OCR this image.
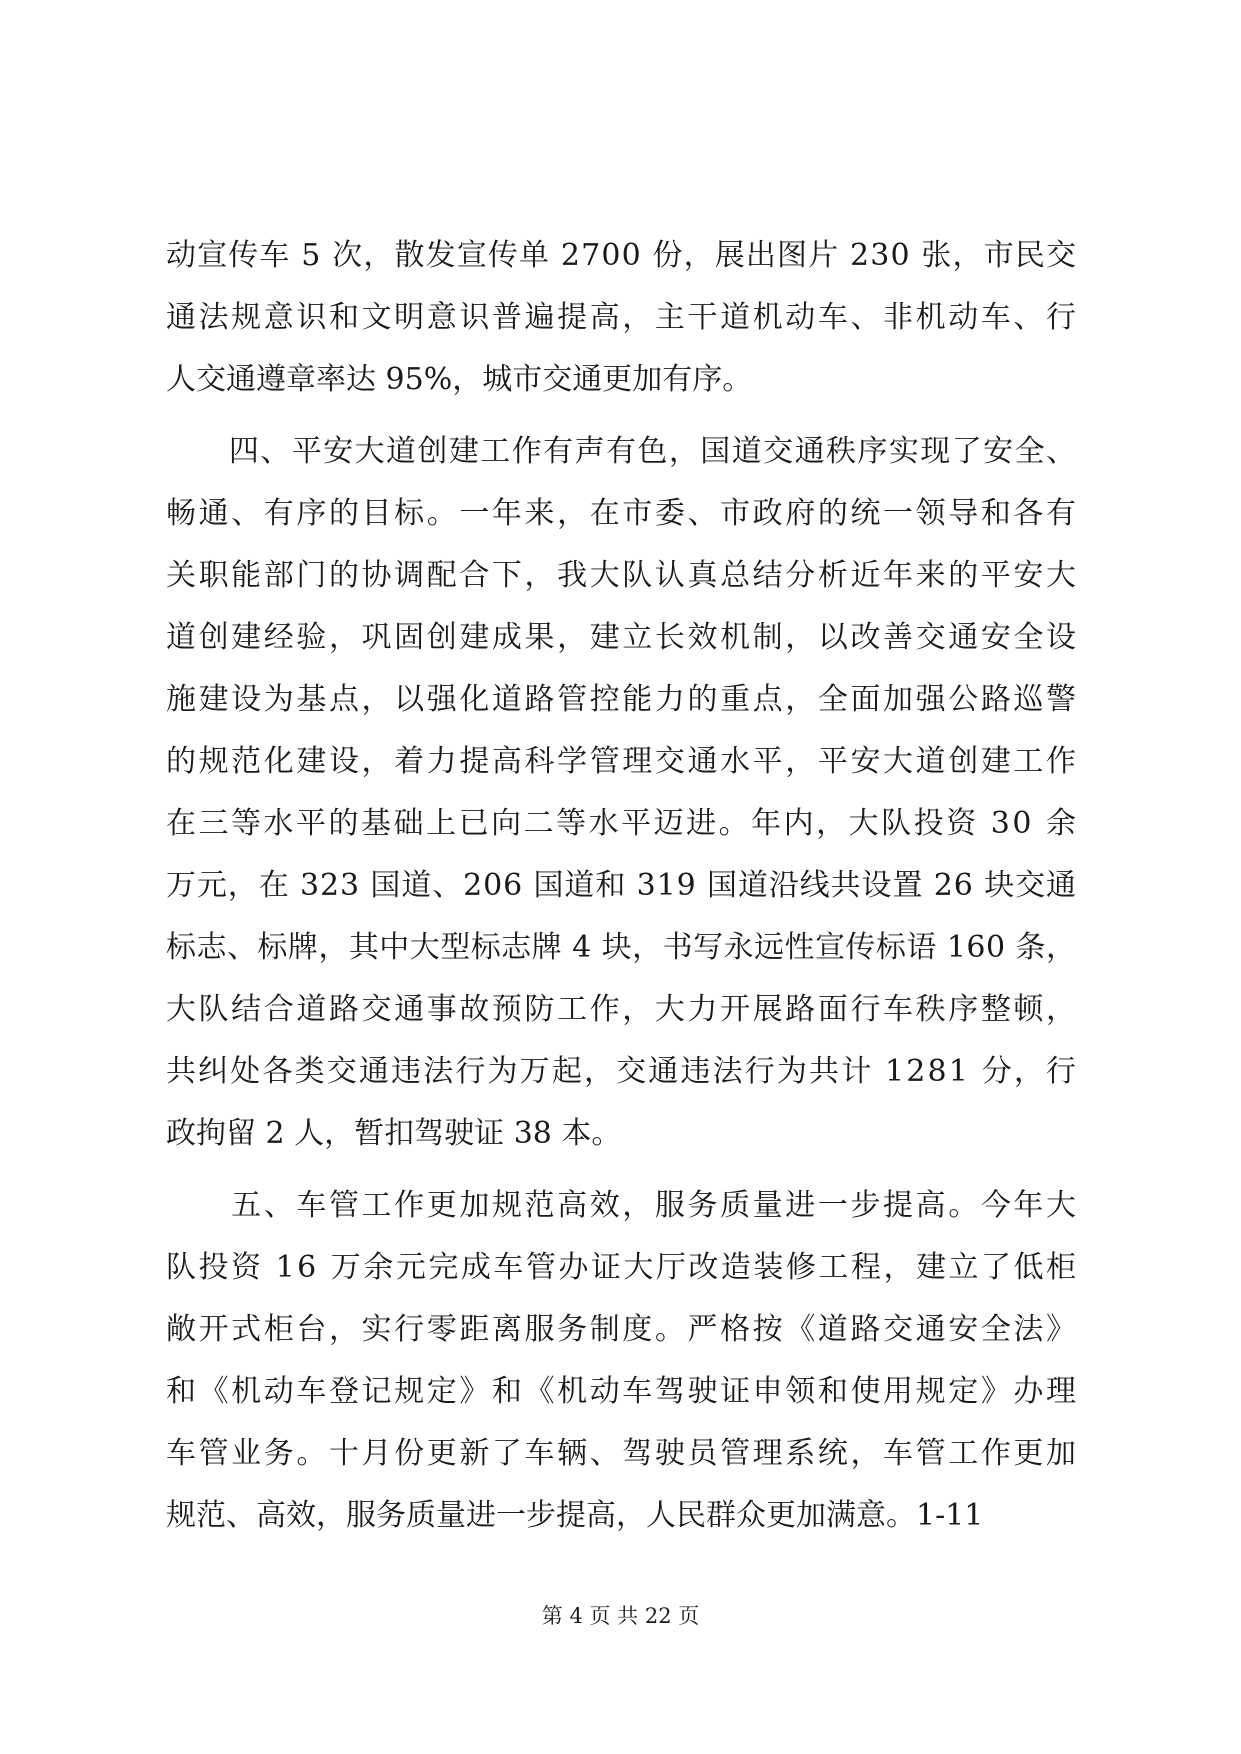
动宣传车 5 次，散发宣传单 2700 份，展出图片 230 张，市民交
通法规意识和文明意识普遍提高，主干道机动车、非机动车、行
人交通遵章率达 95%，城市交通更加有序。
　　四、平安大道创建工作有声有色，国道交通秩序实现了安全、
畅通、有序的目标。一年来，在市委、市政府的统一领导和各有
关职能部门的协调配合下，我大队认真总结分析近年来的平安大
道创建经验，巩固创建成果，建立长效机制，以改善交通安全设
施建设为基点，以强化道路管控能力的重点，全面加强公路巡警
的规范化建设，着力提高科学管理交通水平，平安大道创建工作
在三等水平的基础上已向二等水平迈进。年内，大队投资 30 余
万元，在 323 国道、206 国道和 319 国道沿线共设置 26 块交通
标志、标牌，其中大型标志牌 4 块，书写永远性宣传标语 160 条，
大队结合道路交通事故预防工作，大力开展路面行车秩序整顿，
共纠处各类交通违法行为万起，交通违法行为共计 1281 分，行
政拘留 2 人，暂扣驾驶证 38 本。
　　五、车管工作更加规范高效，服务质量进一步提高。今年大
队投资 16 万余元完成车管办证大厅改造装修工程，建立了低柜
敞开式柜台，实行零距离服务制度。严格按《道路交通安全法》
和《机动车登记规定》和《机动车驾驶证申领和使用规定》办理
车管业务。十月份更新了车辆、驾驶员管理系统，车管工作更加
规范、高效，服务质量进一步提高，人民群众更加满意。1-11
第 4 页 共 22 页
